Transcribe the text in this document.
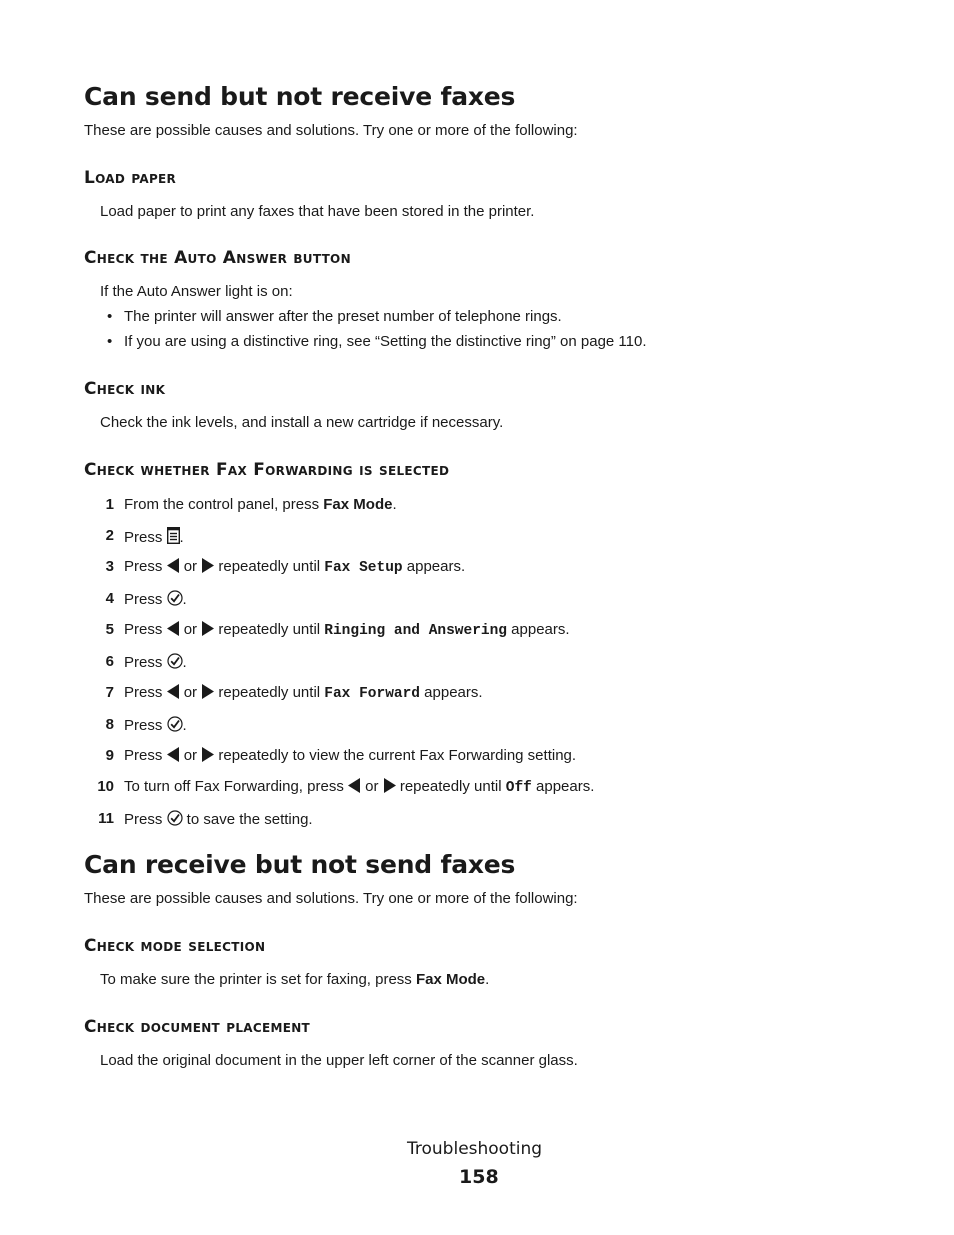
Can send but not receive faxes
These are possible causes and solutions. Try one or more of the following:
Load paper
Load paper to print any faxes that have been stored in the printer.
Check the Auto Answer button
If the Auto Answer light is on:
• The printer will answer after the preset number of telephone rings.
• If you are using a distinctive ring, see “Setting the distinctive ring” on page 110.
Check ink
Check the ink levels, and install a new cartridge if necessary.
Check whether Fax Forwarding is selected
1 From the control panel, press Fax Mode.
2 Press .
3 Press  or repeatedly until Fax Setup appears.
4 Press .
5 Press  or repeatedly until Ringing and Answering appears.
6 Press .
7 Press  or repeatedly until Fax Forward appears.
8 Press .
9 Press  or repeatedly to view the current Fax Forwarding setting.
10 To turn off Fax Forwarding, press  or repeatedly until Off appears.
11 Press  to save the setting.
Can receive but not send faxes
These are possible causes and solutions. Try one or more of the following:
Check mode selection
To make sure the printer is set for faxing, press Fax Mode.
Check document placement
Load the original document in the upper left corner of the scanner glass.
Troubleshooting
158
